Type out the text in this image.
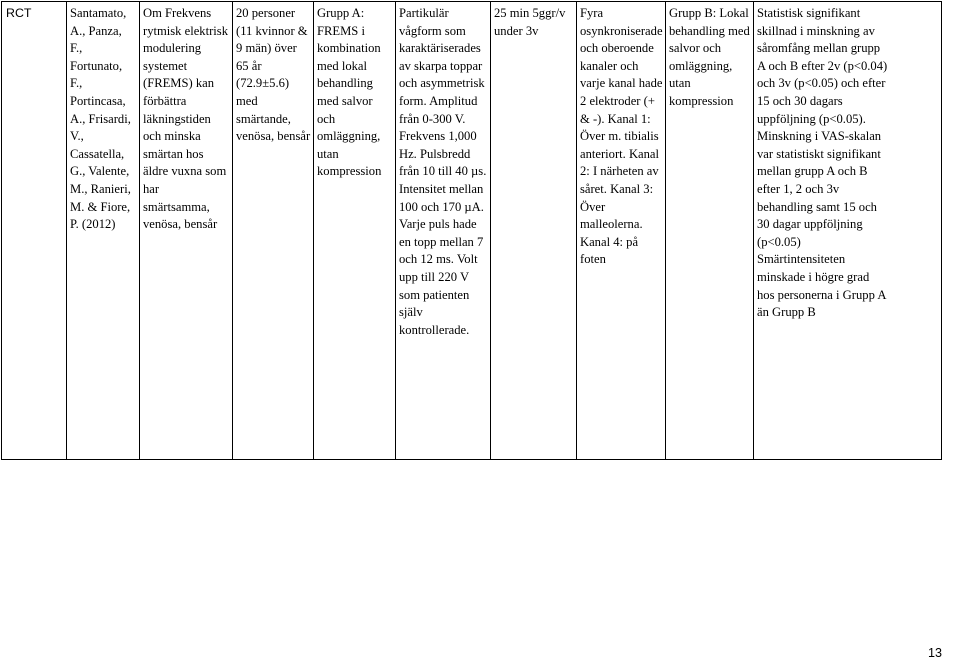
RCT	Santamato,
A., Panza,
F.,
Fortunato,
F.,
Portincasa,
A., Frisardi,
V.,
Cassatella,
G., Valente,
M., Ranieri,
M. & Fiore,
P. (2012)	Om Frekvens
rytmisk elektrisk
modulering
systemet
(FREMS) kan
förbättra
läkningstiden
och minska
smärtan hos
äldre vuxna som
har
smärtsamma,
venösa, bensår	20 personer
(11 kvinnor &
9 män) över
65 år
(72.9±5.6)
med
smärtande,
venösa, bensår	Grupp A:
FREMS i
kombination
med lokal
behandling
med salvor
och
omläggning,
utan
kompression	Partikulär
vågform som
karaktäriserades
av skarpa toppar
och asymmetrisk
form. Amplitud
från 0-300 V.
Frekvens 1,000
Hz. Pulsbredd
från 10 till 40 µs.
Intensitet mellan
100 och 170 µA.
Varje puls hade
en topp mellan 7
och 12 ms. Volt
upp till 220 V
som patienten
själv
kontrollerade.	25 min 5ggr/v
under 3v	Fyra
osynkroniserade
och oberoende
kanaler och
varje kanal hade
2 elektroder (+
& -). Kanal 1:
Över m. tibialis
anteriort. Kanal
2: I närheten av
såret. Kanal 3:
Över
malleolerna.
Kanal 4: på
foten	Grupp B: Lokal
behandling med
salvor och
omläggning,
utan
kompression	Statistisk signifikant
skillnad i minskning av
såromfång mellan grupp
A och B efter 2v (p<0.04)
och 3v (p<0.05) och efter
15 och 30 dagars
uppföljning (p<0.05).
Minskning i VAS-skalan
var statistiskt signifikant
mellan grupp A och B
efter 1, 2 och 3v
behandling samt 15 och
30 dagar uppföljning
(p<0.05)
Smärtintensiteten
minskade i högre grad
hos personerna i Grupp A
än Grupp B
13
